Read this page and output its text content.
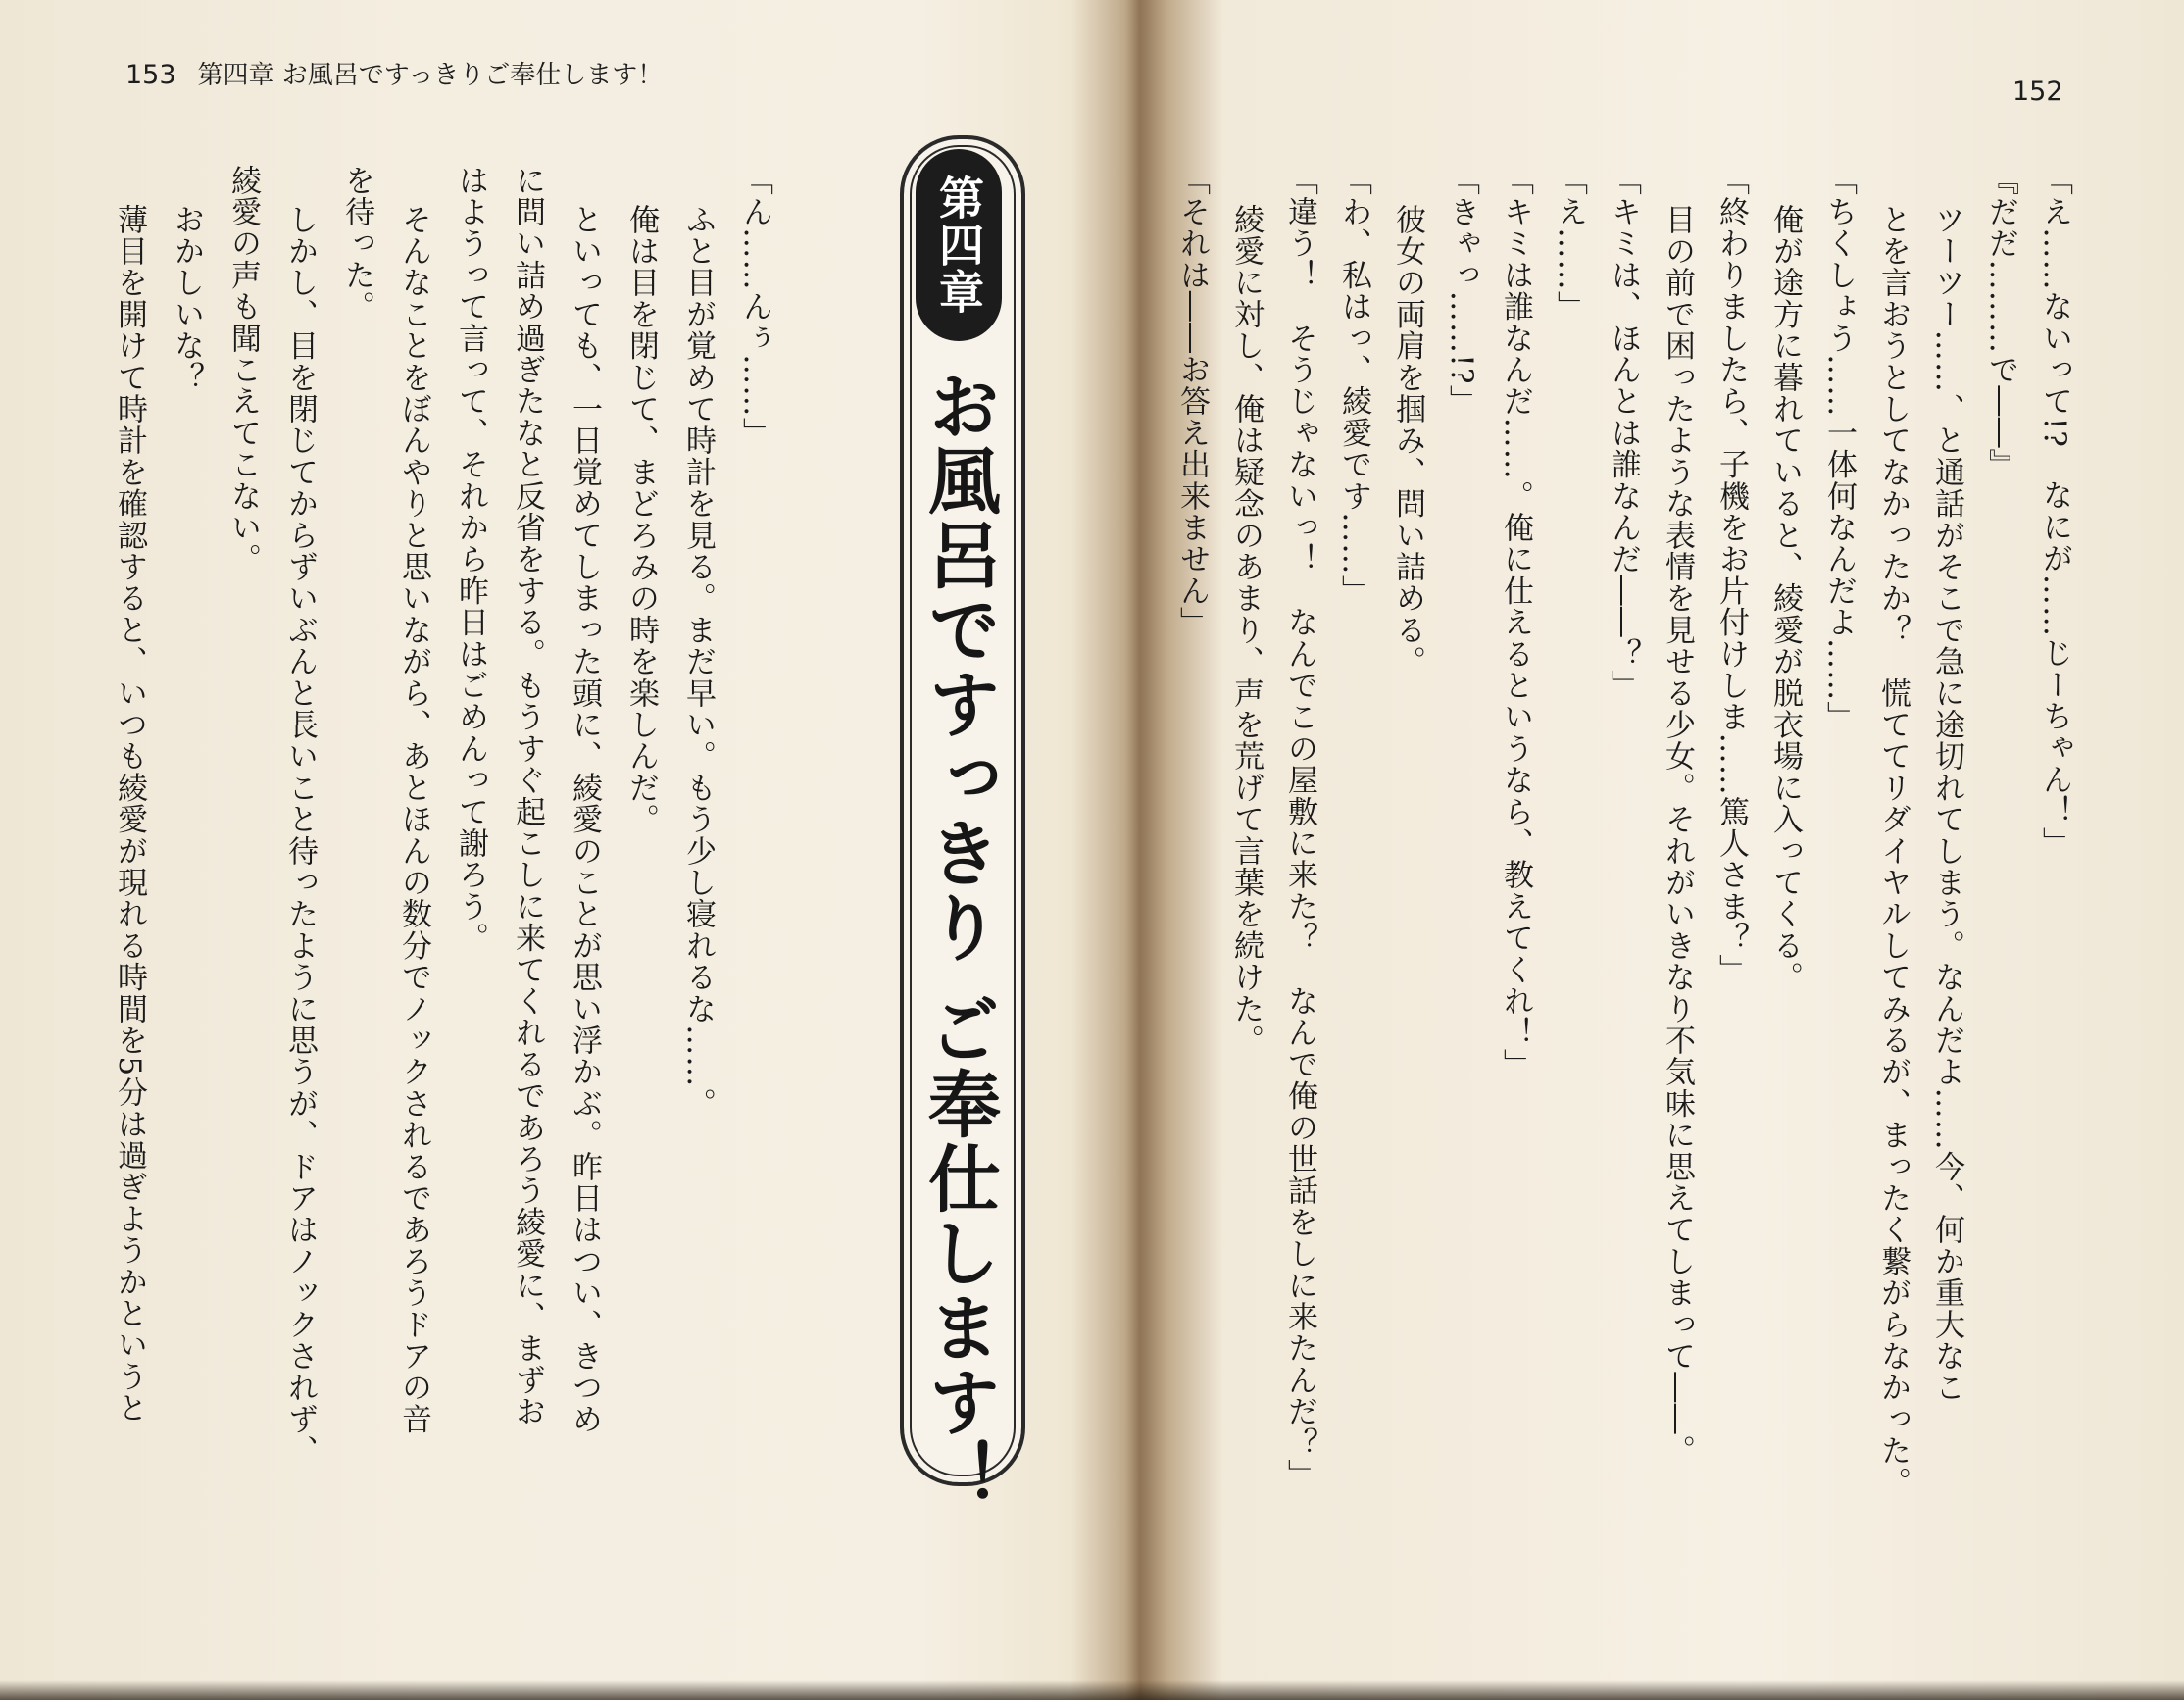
153 第四章 お風呂ですっきりご奉仕します！
第四章
お風呂ですっきり ご奉仕します！
152
「え……ないって!?　なにが……じーちゃん！」
『だだ………で――』
ツーツー……、と通話がそこで急に途切れてしまう。なんだよ……今、何か重大なこ
とを言おうとしてなかったか？　慌ててリダイヤルしてみるが、まったく繋がらなかった。
「ちくしょう……一体何なんだよ……」
俺が途方に暮れていると、綾愛が脱衣場に入ってくる。
「終わりましたら、子機をお片付けしま……篤人さま？」
目の前で困ったような表情を見せる少女。それがいきなり不気味に思えてしまって――。
「キミは、ほんとは誰なんだ――？」
「え……」
「キミは誰なんだ……。俺に仕えるというなら、教えてくれ！」
「きゃっ……!?」
彼女の両肩を掴み、問い詰める。
「わ、私はっ、綾愛です……」
「違う！　そうじゃないっ！　なんでこの屋敷に来た？　なんで俺の世話をしに来たんだ？」
綾愛に対し、俺は疑念のあまり、声を荒げて言葉を続けた。
「それは――お答え出来ません」
「ん……んぅ……」
ふと目が覚めて時計を見る。まだ早い。もう少し寝れるな……。
俺は目を閉じて、まどろみの時を楽しんだ。
といっても、一日覚めてしまった頭に、綾愛のことが思い浮かぶ。昨日はつい、きつめ
に問い詰め過ぎたなと反省をする。もうすぐ起こしに来てくれるであろう綾愛に、まずお
はようって言って、それから昨日はごめんって謝ろう。
そんなことをぼんやりと思いながら、あとほんの数分でノックされるであろうドアの音
を待った。
しかし、目を閉じてからずいぶんと長いこと待ったように思うが、ドアはノックされず、
綾愛の声も聞こえてこない。
おかしいな？
薄目を開けて時計を確認すると、いつも綾愛が現れる時間を5分は過ぎようかというと
